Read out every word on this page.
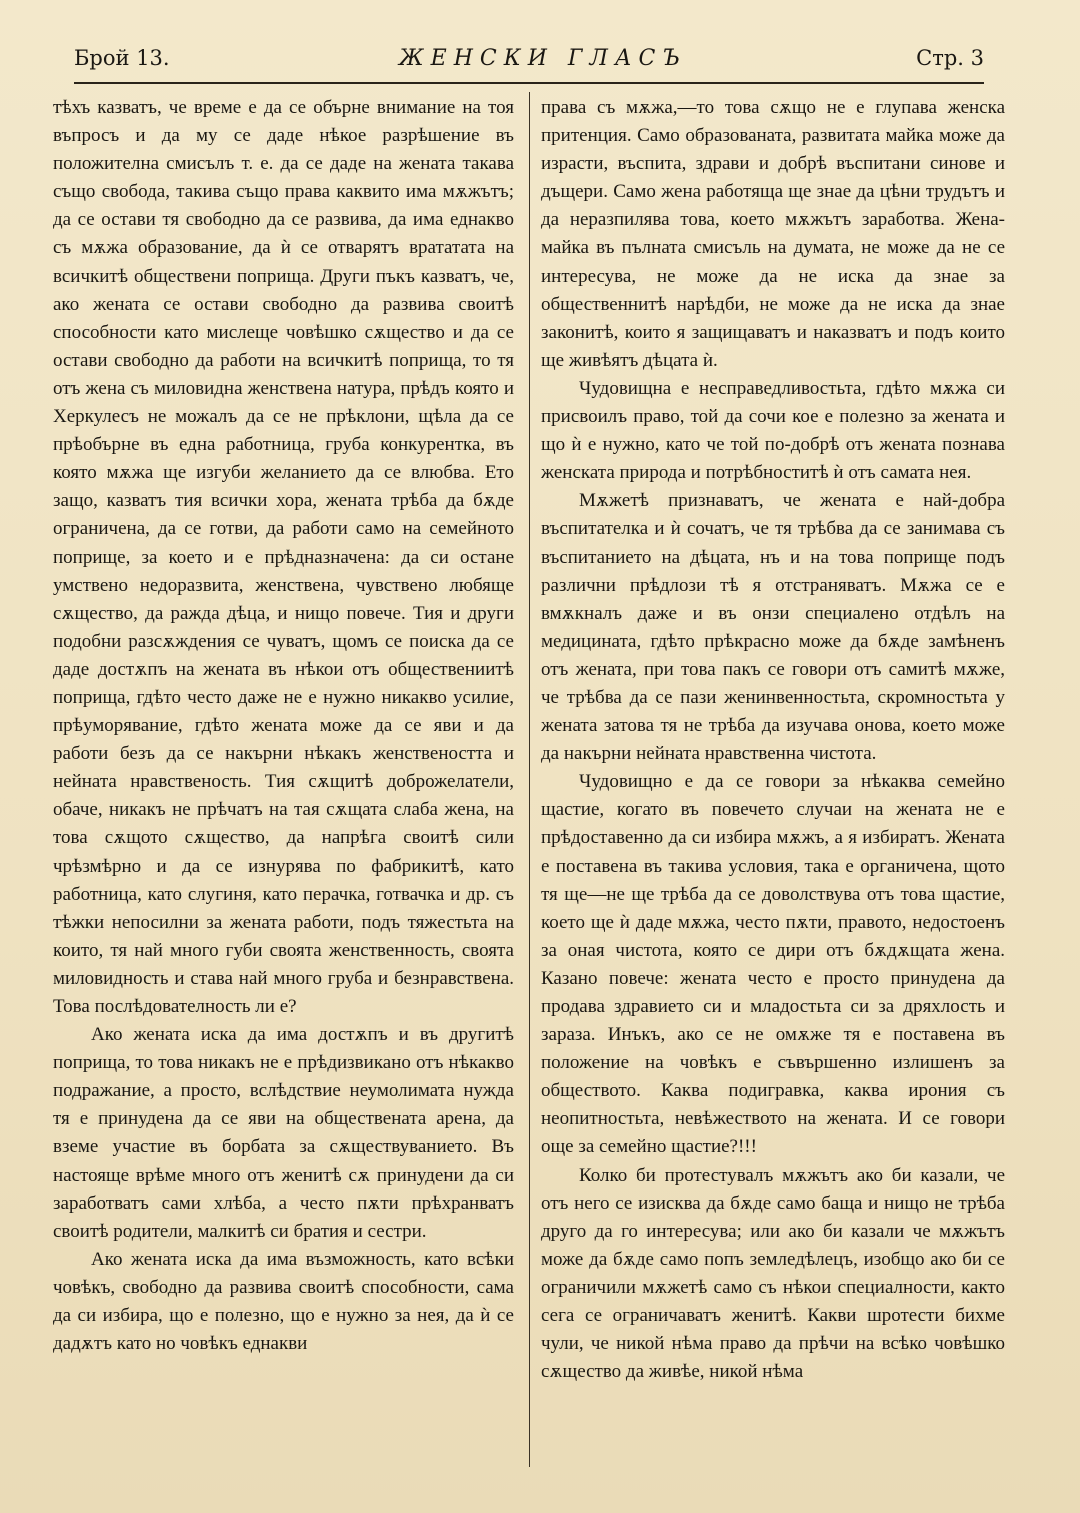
Брой 13.	ЖЕНСКИ ГЛАСЪ	Стр. 3

тѣхъ казватъ, че време е да се обърне внимание на тоя въпросъ и да му се даде нѣкое разрѣшение въ положителна смисълъ т. е. да се даде на жената такава също свобода, такива също права каквито има мѫжътъ; да се остави тя свободно да се развива, да има еднакво съ мѫжа образование, да ѝ се отварятъ врататата на всичкитѣ обществени поприща. Други пъкъ казватъ, че, ако жената се остави свободно да развива своитѣ способности като мислеще човѣшко сѫщество и да се остави свободно да работи на всичкитѣ поприща, то тя отъ жена съ миловидна женствена натура, прѣдъ която и Херкулесъ не можалъ да се не прѣклони, щѣла да се прѣобърне въ една работница, груба конкурентка, въ която мѫжа ще изгуби желанието да се влюбва. Ето защо, казватъ тия всички хора, жената трѣба да бѫде ограничена, да се готви, да работи само на семейното поприще, за което и е прѣдназначена: да си остане умствено недоразвита, женствена, чувствено любяще сѫщество, да ражда дѣца, и нищо повече. Тия и други подобни разсѫждения се чуватъ, щомъ се поиска да се даде достѫпъ на жената въ нѣкои отъ обществениитѣ поприща, гдѣто често даже не е нужно никакво усилие, прѣуморявание, гдѣто жената може да се яви и да работи безъ да се накърни нѣкакъ женствеността и нейната нравственость. Тия сѫщитѣ доброжелатели, обаче, никакъ не прѣчатъ на тая сѫщата слаба жена, на това сѫщото сѫщество, да напрѣга своитѣ сили чрѣзмѣрно и да се изнурява по фабрикитѣ, като работница, като слугиня, като перачка, готвачка и др. съ тѣжки непосилни за жената работи, подъ тяжестьта на които, тя най много губи своята женственность, своята миловидность и става най много груба и безнравствена. Това послѣдователность ли е?

Ако жената иска да има достѫпъ и въ другитѣ поприща, то това никакъ не е прѣдизвикано отъ нѣкакво подражание, а просто, вслѣдствие неумолимата нужда тя е принудена да се яви на обществената арена, да вземе участие въ борбата за сѫществуванието. Въ настояще врѣме много отъ женитѣ сѫ принудени да си заработватъ сами хлѣба, а често пѫти прѣхранватъ своитѣ родители, малкитѣ си братия и сестри.

Ако жената иска да има възможность, като всѣки човѣкъ, свободно да развива своитѣ способности, сама да си избира, що е полезно, що е нужно за нея, да ѝ се дадѫтъ като но човѣкъ еднакви

права съ мѫжа,—то това сѫщо не е глупава женска притенция. Само образованата, развитата майка може да израсти, въспита, здрави и добрѣ въспитани синове и дъщери. Само жена работяща ще знае да цѣни трудътъ и да неразпилява това, което мѫжътъ заработва. Жена-майка въ пълната смисъль на думата, не може да не се интересува, не може да не иска да знае за общественнитѣ нарѣдби, не може да не иска да знае законитѣ, които я защищаватъ и наказватъ и подъ които ще живѣятъ дѣцата ѝ.

Чудовищна е несправедливостьта, гдѣто мѫжа си присвоилъ право, той да сочи кое е полезно за жената и що ѝ е нужно, като че той по-добрѣ отъ жената познава женската природа и потрѣбноститѣ ѝ отъ самата нея.

Мѫжетѣ признаватъ, че жената е най-добра въспитателка и ѝ сочатъ, че тя трѣбва да се занимава съ въспитанието на дѣцата, нъ и на това поприще подъ различни прѣдлози тѣ я отстраняватъ. Мѫжа се е вмѫкналъ даже и въ онзи специалено отдѣлъ на медицината, гдѣто прѣкрасно може да бѫде замѣненъ отъ жената, при това пакъ се говори отъ самитѣ мѫже, че трѣбва да се пази женинвенностьта, скромностьта у жената затова тя не трѣба да изучава онова, което може да накърни нейната нравственна чистота.

Чудовищно е да се говори за нѣкаква семейно щастие, когато въ повечето случаи на жената не е прѣдоставенно да си избира мѫжъ, а я избиратъ. Жената е поставена въ такива условия, така е органичена, щото тя ще—не ще трѣба да се доволствува отъ това щастие, което ще ѝ даде мѫжа, често пѫти, правото, недостоенъ за оная чистота, която се дири отъ бѫдѫщата жена. Казано повече: жената често е просто принудена да продава здравието си и младостьта си за дряхлость и зараза. Инъкъ, ако се не омѫже тя е поставена въ положение на човѣкъ е съвършенно излишенъ за обществото. Каква подигравка, каква ирония съ неопитностьта, невѣжеството на жената. И се говори още за семейно щастие?!!!

Колко би протестувалъ мѫжътъ ако би казали, че отъ него се изисква да бѫде само баща и нищо не трѣба друго да го интересува; или ако би казали че мѫжътъ може да бѫде само попъ земледѣлецъ, изобщо ако би се ограничили мѫжетѣ само съ нѣкои специалности, както сега се ограничаватъ женитѣ. Какви шротести бихме чули, че никой нѣма право да прѣчи на всѣко човѣшко сѫщество да живѣе, никой нѣма
